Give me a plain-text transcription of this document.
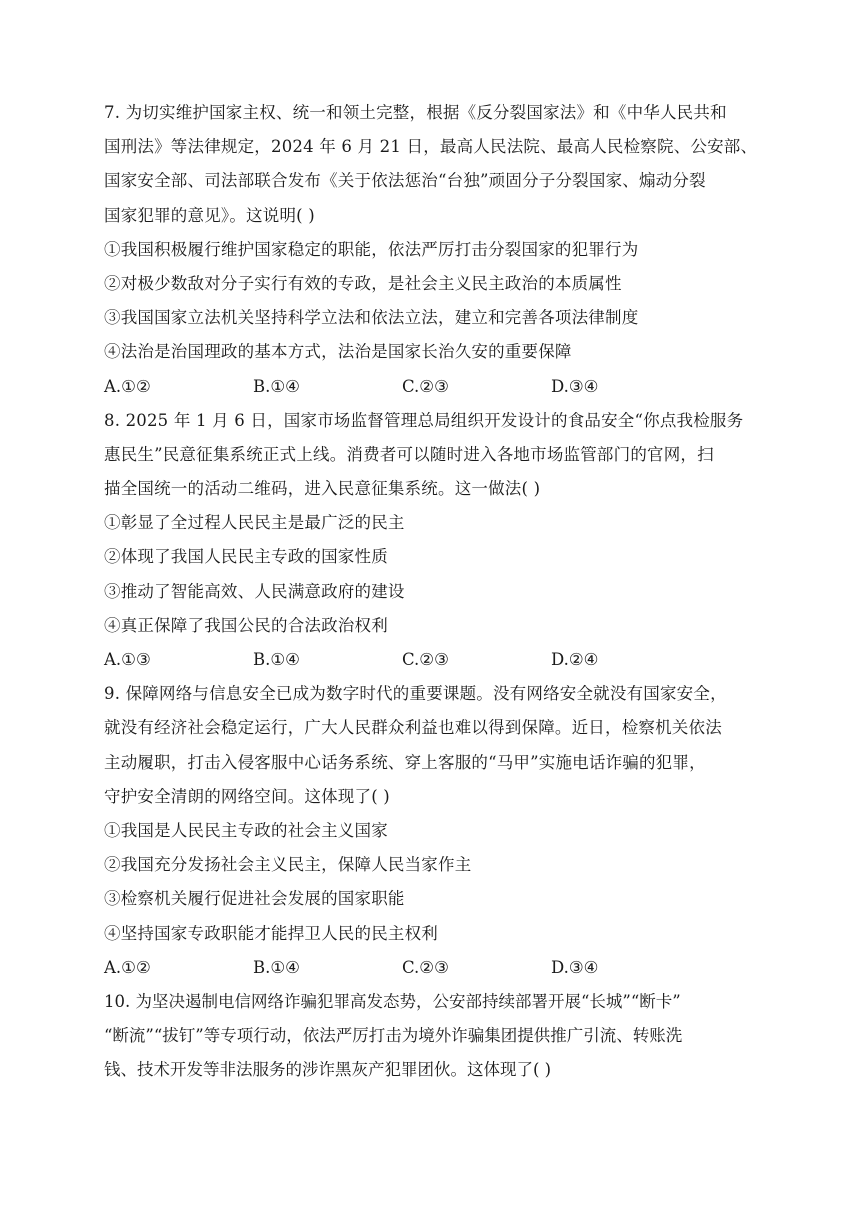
7. 为切实维护国家主权、统一和领土完整，根据《反分裂国家法》和《中华人民共和
国刑法》等法律规定，2024 年 6 月 21 日，最高人民法院、最高人民检察院、公安部、
国家安全部、司法部联合发布《关于依法惩治“台独”顽固分子分裂国家、煽动分裂
国家犯罪的意见》。这说明( )
①我国积极履行维护国家稳定的职能，依法严厉打击分裂国家的犯罪行为
②对极少数敌对分子实行有效的专政，是社会主义民主政治的本质属性
③我国国家立法机关坚持科学立法和依法立法，建立和完善各项法律制度
④法治是治国理政的基本方式，法治是国家长治久安的重要保障
A.①②	B.①④	C.②③	D.③④
8. 2025 年 1 月 6 日，国家市场监督管理总局组织开发设计的食品安全“你点我检服务
惠民生”民意征集系统正式上线。消费者可以随时进入各地市场监管部门的官网，扫
描全国统一的活动二维码，进入民意征集系统。这一做法( )
①彰显了全过程人民民主是最广泛的民主
②体现了我国人民民主专政的国家性质
③推动了智能高效、人民满意政府的建设
④真正保障了我国公民的合法政治权利
A.①③	B.①④	C.②③	D.②④
9. 保障网络与信息安全已成为数字时代的重要课题。没有网络安全就没有国家安全，
就没有经济社会稳定运行，广大人民群众利益也难以得到保障。近日，检察机关依法
主动履职，打击入侵客服中心话务系统、穿上客服的“马甲”实施电话诈骗的犯罪，
守护安全清朗的网络空间。这体现了( )
①我国是人民民主专政的社会主义国家
②我国充分发扬社会主义民主，保障人民当家作主
③检察机关履行促进社会发展的国家职能
④坚持国家专政职能才能捍卫人民的民主权利
A.①②	B.①④	C.②③	D.③④
10. 为坚决遏制电信网络诈骗犯罪高发态势，公安部持续部署开展“长城”“断卡”
“断流”“拔钉”等专项行动，依法严厉打击为境外诈骗集团提供推广引流、转账洗
钱、技术开发等非法服务的涉诈黑灰产犯罪团伙。这体现了( )
